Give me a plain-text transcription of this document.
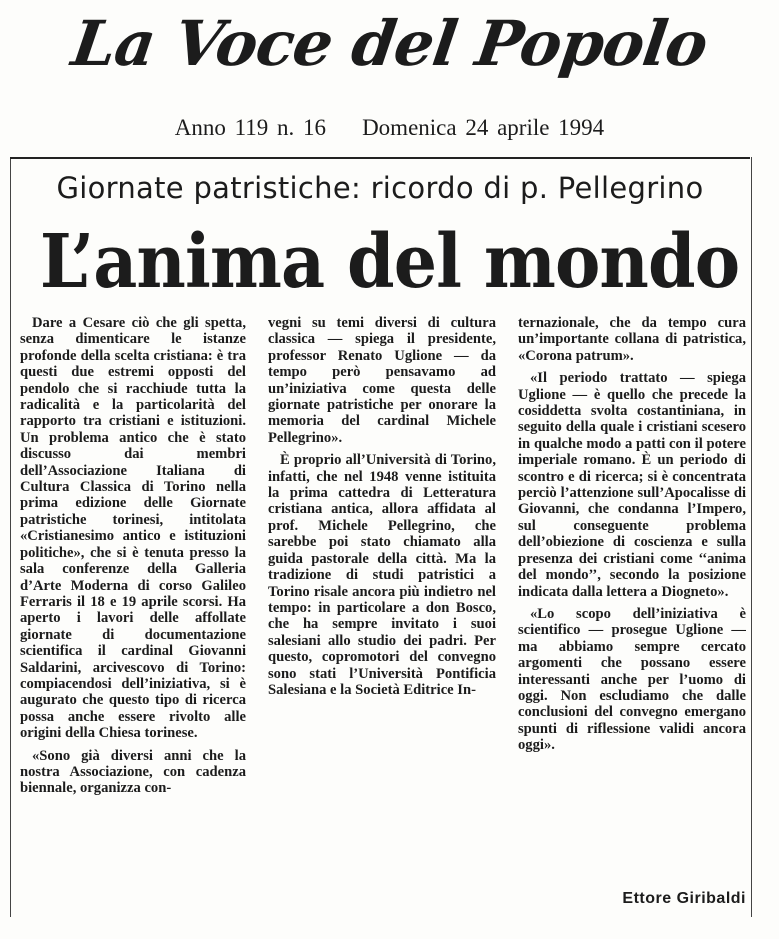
La Voce del Popolo
Anno 119 n. 16 Domenica 24 aprile 1994
Giornate patristiche: ricordo di p. Pellegrino
L’anima del mondo

Dare a Cesare ciò che gli spetta, senza dimenticare le istanze profonde della scelta cristiana: è tra questi due estremi opposti del pendolo che si racchiude tutta la radicalità e la particolarità del rapporto tra cristiani e istituzioni. Un problema antico che è stato discusso dai membri dell’Associazione Italiana di Cultura Classica di Torino nella prima edizione delle Giornate patristiche torinesi, intitolata «Cristianesimo antico e istituzioni politiche», che si è tenuta presso la sala conferenze della Galleria d’Arte Moderna di corso Galileo Ferraris il 18 e 19 aprile scorsi. Ha aperto i lavori delle affollate giornate di documentazione scientifica il cardinal Giovanni Saldarini, arcivescovo di Torino: compiacendosi dell’iniziativa, si è augurato che questo tipo di ricerca possa anche essere rivolto alle origini della Chiesa torinese.

«Sono già diversi anni che la nostra Associazione, con cadenza biennale, organizza con-

vegni su temi diversi di cultura classica — spiega il presidente, professor Renato Uglione — da tempo però pensavamo ad un’iniziativa come questa delle giornate patristiche per onorare la memoria del cardinal Michele Pellegrino».

È proprio all’Università di Torino, infatti, che nel 1948 venne istituita la prima cattedra di Letteratura cristiana antica, allora affidata al prof. Michele Pellegrino, che sarebbe poi stato chiamato alla guida pastorale della città. Ma la tradizione di studi patristici a Torino risale ancora più indietro nel tempo: in particolare a don Bosco, che ha sempre invitato i suoi salesiani allo studio dei padri. Per questo, copromotori del convegno sono stati l’Università Pontificia Salesiana e la Società Editrice In-

ternazionale, che da tempo cura un’importante collana di patristica, «Corona patrum».

«Il periodo trattato — spiega Uglione — è quello che precede la cosiddetta svolta costantiniana, in seguito della quale i cristiani scesero in qualche modo a patti con il potere imperiale romano. È un periodo di scontro e di ricerca; si è concentrata perciò l’attenzione sull’Apocalisse di Giovanni, che condanna l’Impero, sul conseguente problema dell’obiezione di coscienza e sulla presenza dei cristiani come ‘‘anima del mondo’’, secondo la posizione indicata dalla lettera a Diogneto».

«Lo scopo dell’iniziativa è scientifico — prosegue Uglione — ma abbiamo sempre cercato argomenti che possano essere interessanti anche per l’uomo di oggi. Non escludiamo che dalle conclusioni del convegno emergano spunti di riflessione validi ancora oggi».

Ettore Giribaldi
